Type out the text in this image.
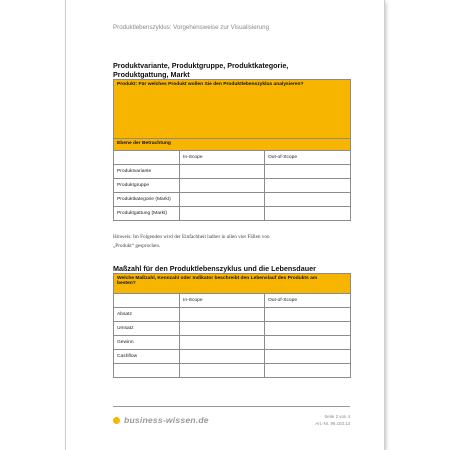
Produktlebenszyklus: Vorgehensweise zur Visualisierung
Produktvariante, Produktgruppe, Produktkategorie,
Produktgattung, Markt
Produkt: Für welches Produkt wollen Sie den Produktlebenszyklus analysieren?		
Ebene der Betrachtung		
	In-Scope	Out-of-Scope
Produktvariante		
Produktgruppe		
Produktkategorie (Markt)		
Produktgattung (Markt)		
Hinweis: Im Folgenden wird der Einfachheit halber in allen vier Fällen von
„Produkt“ gesprochen.
Maßzahl für den Produktlebenszyklus und die Lebensdauer
Welche Maßzahl, Kennzahl oder Indikator beschreibt den Lebenslauf des Produkts am
besten?		

	In-Scope	Out-of-Scope
Absatz		
Umsatz		
Gewinn		
Cashflow		

business-wissen.de	Seite 2 von 4
Art.-Nr. 99.103.13
